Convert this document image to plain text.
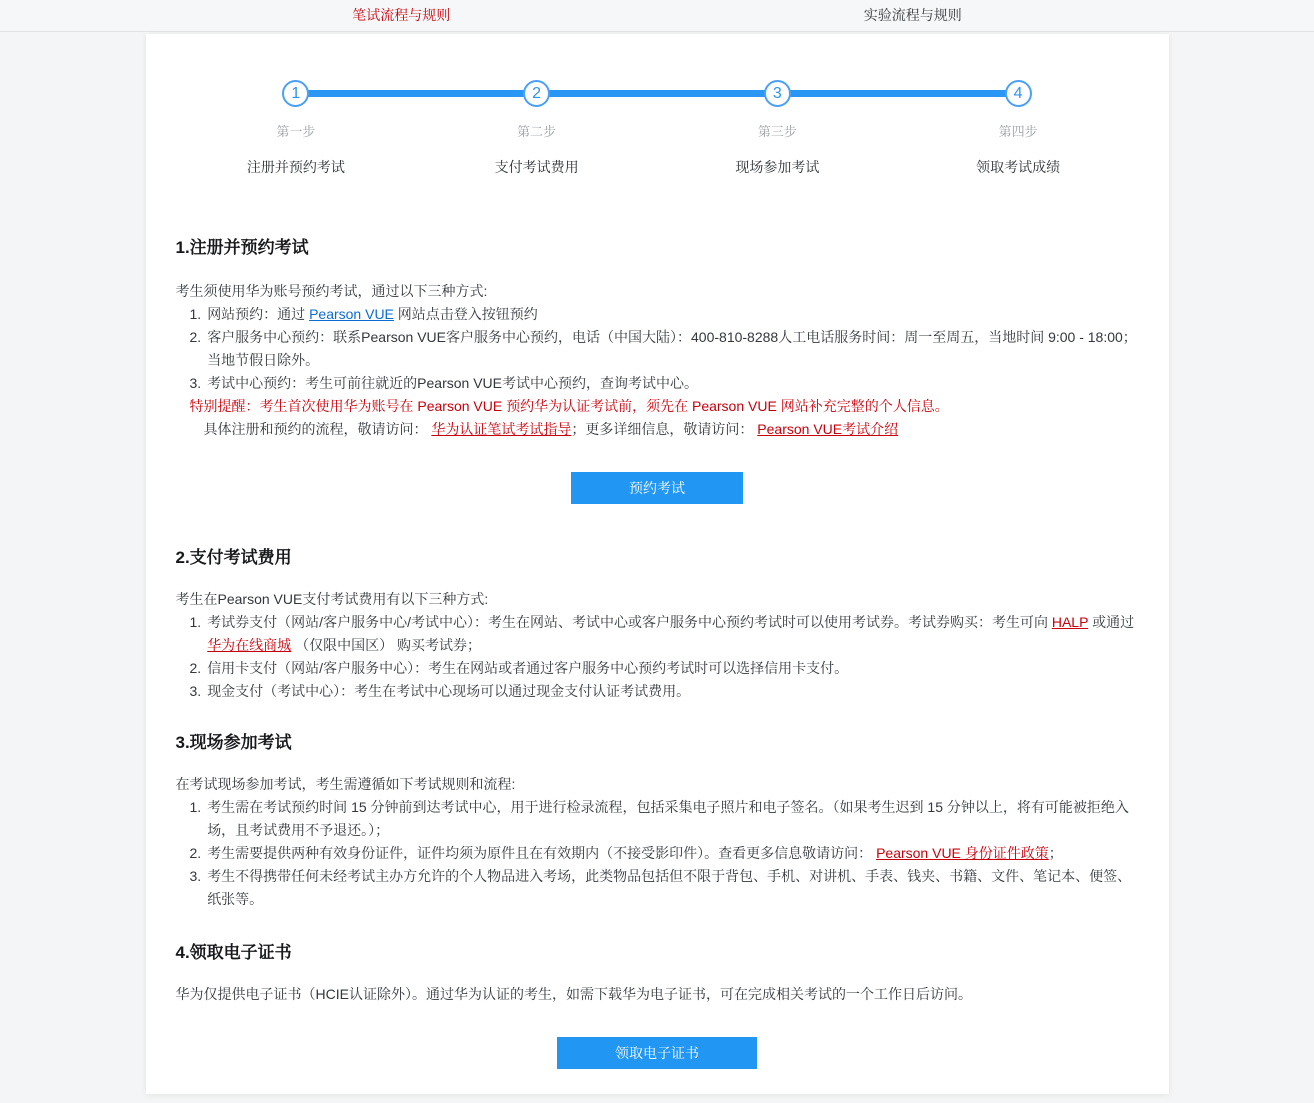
笔试流程与规则	实验流程与规则
1
第一步
注册并预约考试
2
第二步
支付考试费用
3
第三步
现场参加考试
4
第四步
领取考试成绩
1.注册并预约考试
考生须使用华为账号预约考试，通过以下三种方式:
1. 网站预约：通过 Pearson VUE 网站点击登入按钮预约
2. 客户服务中心预约：联系Pearson VUE客户服务中心预约，电话（中国大陆）：400-810-8288人工电话服务时间：周一至周五，当地时间 9:00 - 18:00；当地节假日除外。
3. 考试中心预约：考生可前往就近的Pearson VUE考试中心预约，查询考试中心。
特别提醒：考生首次使用华为账号在 Pearson VUE 预约华为认证考试前，须先在 Pearson VUE 网站补充完整的个人信息。
具体注册和预约的流程，敬请访问： 华为认证笔试考试指导；更多详细信息，敬请访问： Pearson VUE考试介绍
预约考试
2.支付考试费用
考生在Pearson VUE支付考试费用有以下三种方式:
1. 考试券支付（网站/客户服务中心/考试中心）：考生在网站、考试中心或客户服务中心预约考试时可以使用考试券。考试券购买：考生可向 HALP 或通过 华为在线商城 （仅限中国区） 购买考试券；
2. 信用卡支付（网站/客户服务中心）：考生在网站或者通过客户服务中心预约考试时可以选择信用卡支付。
3. 现金支付（考试中心）：考生在考试中心现场可以通过现金支付认证考试费用。
3.现场参加考试
在考试现场参加考试，考生需遵循如下考试规则和流程:
1. 考生需在考试预约时间 15 分钟前到达考试中心，用于进行检录流程，包括采集电子照片和电子签名。（如果考生迟到 15 分钟以上，将有可能被拒绝入场，且考试费用不予退还。）；
2. 考生需要提供两种有效身份证件，证件均须为原件且在有效期内（不接受影印件）。查看更多信息敬请访问： Pearson VUE 身份证件政策；
3. 考生不得携带任何未经考试主办方允许的个人物品进入考场，此类物品包括但不限于背包、手机、对讲机、手表、钱夹、书籍、文件、笔记本、便签、纸张等。
4.领取电子证书
华为仅提供电子证书（HCIE认证除外）。通过华为认证的考生，如需下载华为电子证书，可在完成相关考试的一个工作日后访问。
领取电子证书
